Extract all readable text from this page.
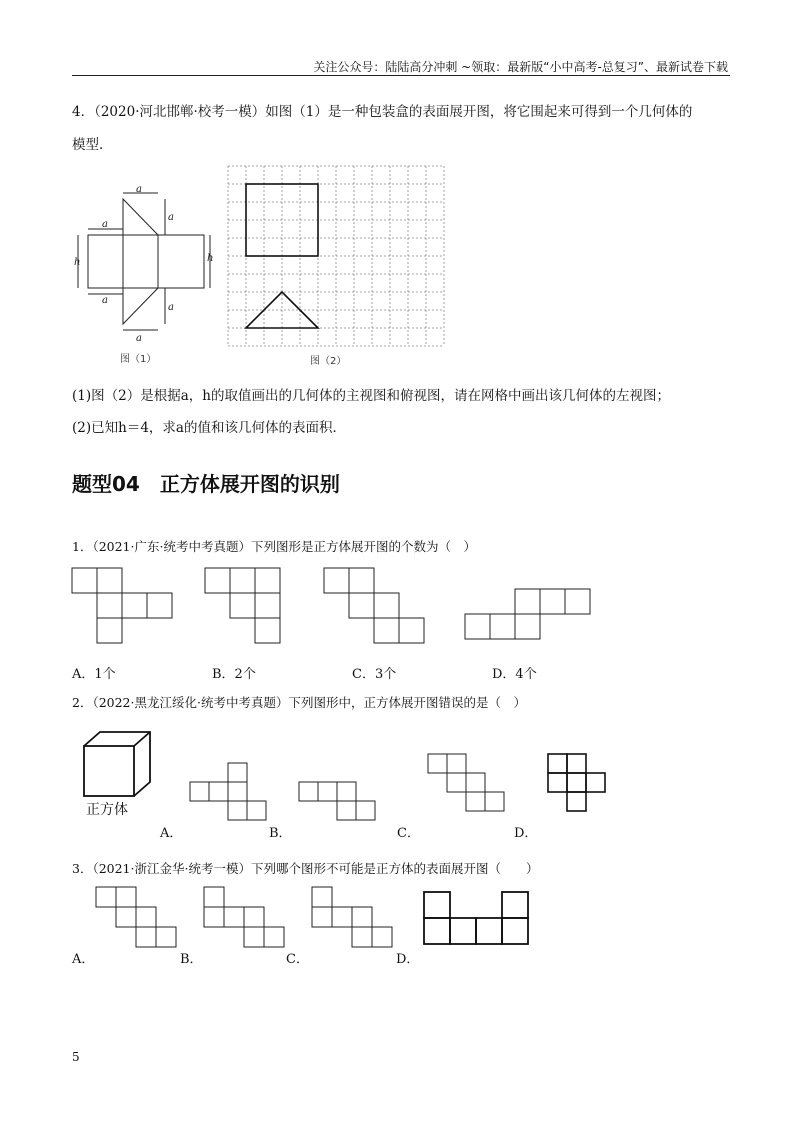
关注公众号：陆陆高分冲刺 ~领取：最新版“小中高考-总复习”、最新试卷下载
4．（2020·河北邯郸·校考一模）如图（1）是一种包装盒的表面展开图，将它围起来可得到一个几何体的
模型．
a
a
a
h	h
a
a
a
图（1）	图（2）
(1)图（2）是根据a，h的取值画出的几何体的主视图和俯视图，请在网格中画出该几何体的左视图；
(2)已知h＝4，求a的值和该几何体的表面积．
题型04　正方体展开图的识别
1．（2021·广东·统考中考真题）下列图形是正方体展开图的个数为（　）
A．1个	B．2个	C．3个	D．4个
2．（2022·黑龙江绥化·统考中考真题）下列图形中，正方体展开图错误的是（　）
正方体
A．	B．	C．	D．
3．（2021·浙江金华·统考一模）下列哪个图形不可能是正方体的表面展开图（　　）
A．	B．	C．	D．
5
